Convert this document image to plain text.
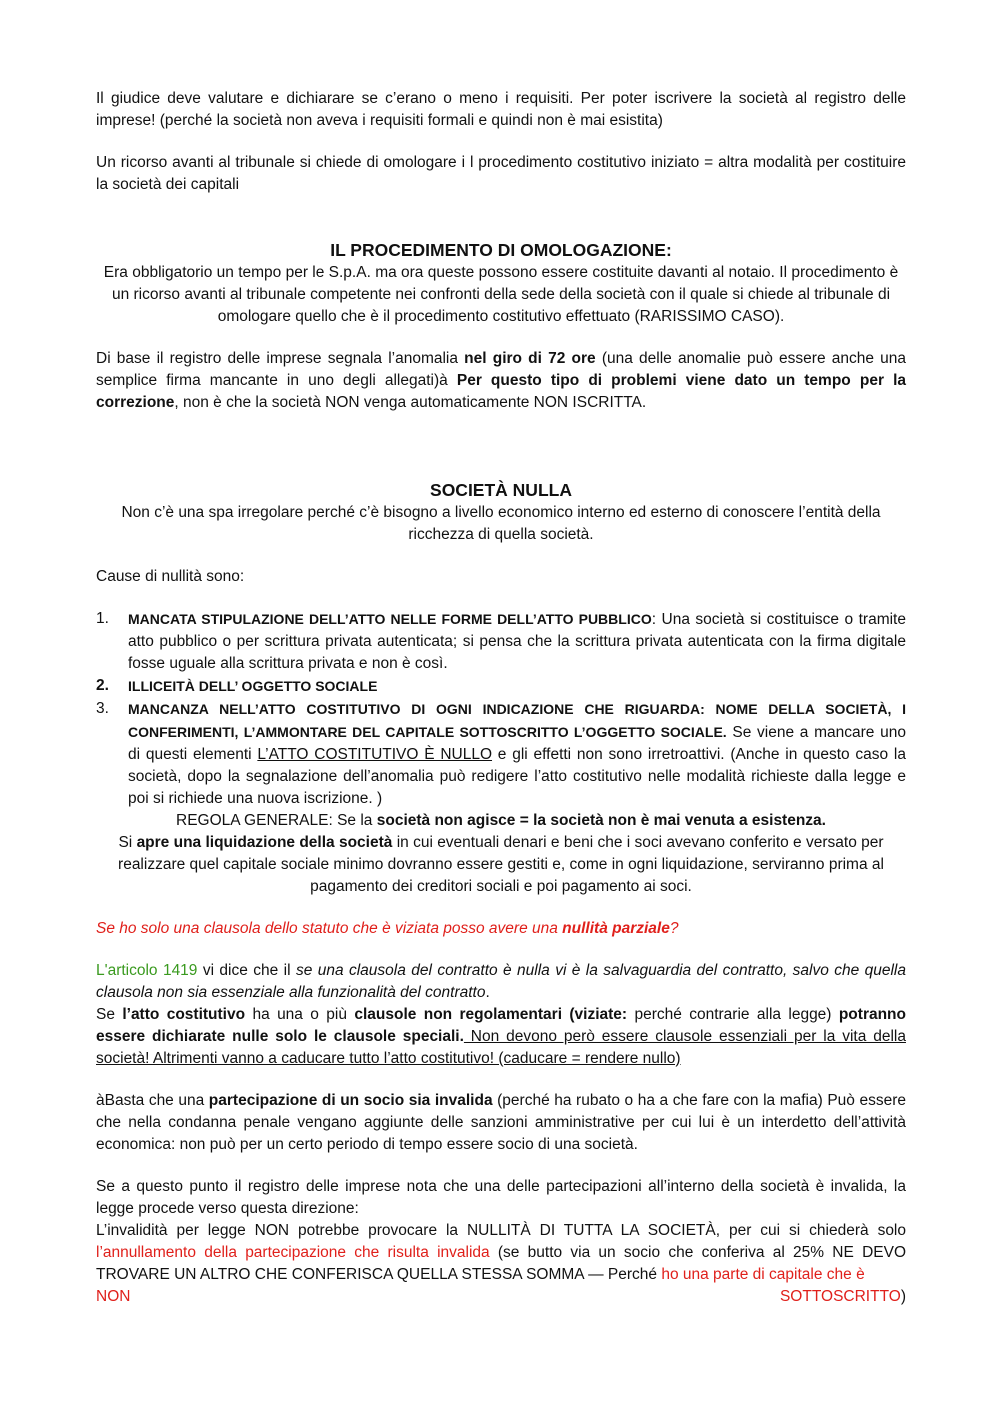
Il giudice deve valutare e dichiarare se c’erano o meno i requisiti. Per poter iscrivere la società al registro delle imprese! (perché la società non aveva i requisiti formali e quindi non è mai esistita)

Un ricorso avanti al tribunale si chiede di omologare i l procedimento costitutivo iniziato = altra modalità per costituire la società dei capitali

IL PROCEDIMENTO DI OMOLOGAZIONE:

Era obbligatorio un tempo per le S.p.A. ma ora queste possono essere costituite davanti al notaio. Il procedimento è un ricorso avanti al tribunale competente nei confronti della sede della società con il quale si chiede al tribunale di omologare quello che è il procedimento costitutivo effettuato (RARISSIMO CASO).

Di base il registro delle imprese segnala l’anomalia nel giro di 72 ore (una delle anomalie può essere anche una semplice firma mancante in uno degli allegati)à Per questo tipo di problemi viene dato un tempo per la correzione, non è che la società NON venga automaticamente NON ISCRITTA.

SOCIETÀ NULLA

Non c’è una spa irregolare perché c’è bisogno a livello economico interno ed esterno di conoscere l’entità della ricchezza di quella società.

Cause di nullità sono:

1. MANCATA STIPULAZIONE DELL’ATTO NELLE FORME DELL’ATTO PUBBLICO: Una società si costituisce o tramite atto pubblico o per scrittura privata autenticata; si pensa che la scrittura privata autenticata con la firma digitale fosse uguale alla scrittura privata e non è così.
2. ILLICEITÀ DELL’ OGGETTO SOCIALE
3. MANCANZA NELL’ATTO COSTITUTIVO DI OGNI INDICAZIONE CHE RIGUARDA: NOME DELLA SOCIETÀ, I CONFERIMENTI, L’AMMONTARE DEL CAPITALE SOTTOSCRITTO L’OGGETTO SOCIALE. Se viene a mancare uno di questi elementi L’ATTO COSTITUTIVO È NULLO e gli effetti non sono irretroattivi. (Anche in questo caso la società, dopo la segnalazione dell’anomalia può redigere l’atto costitutivo nelle modalità richieste dalla legge e poi si richiede una nuova iscrizione. )

REGOLA GENERALE: Se la società non agisce = la società non è mai venuta a esistenza.

Si apre una liquidazione della società in cui eventuali denari e beni che i soci avevano conferito e versato per realizzare quel capitale sociale minimo dovranno essere gestiti e, come in ogni liquidazione, serviranno prima al pagamento dei creditori sociali e poi pagamento ai soci.

Se ho solo una clausola dello statuto che è viziata posso avere una nullità parziale?

L'articolo 1419 vi dice che il se una clausola del contratto è nulla vi è la salvaguardia del contratto, salvo che quella clausola non sia essenziale alla funzionalità del contratto.

Se l’atto costitutivo ha una o più clausole non regolamentari (viziate: perché contrarie alla legge) potranno essere dichiarate nulle solo le clausole speciali. Non devono però essere clausole essenziali per la vita della società! Altrimenti vanno a caducare tutto l’atto costitutivo! (caducare = rendere nullo)

àBasta che una partecipazione di un socio sia invalida (perché ha rubato o ha a che fare con la mafia) Può essere che nella condanna penale vengano aggiunte delle sanzioni amministrative per cui lui è un interdetto dell’attività economica: non può per un certo periodo di tempo essere socio di una società.

Se a questo punto il registro delle imprese nota che una delle partecipazioni all’interno della società è invalida, la legge procede verso questa direzione:

L’invalidità per legge NON potrebbe provocare la NULLITÀ DI TUTTA LA SOCIETÀ, per cui si chiederà solo l’annullamento della partecipazione che risulta invalida (se butto via un socio che conferiva al 25% NE DEVO TROVARE UN ALTRO CHE CONFERISCA QUELLA STESSA SOMMA — Perché ho una parte di capitale che è

NON	SOTTOSCRITTO)
